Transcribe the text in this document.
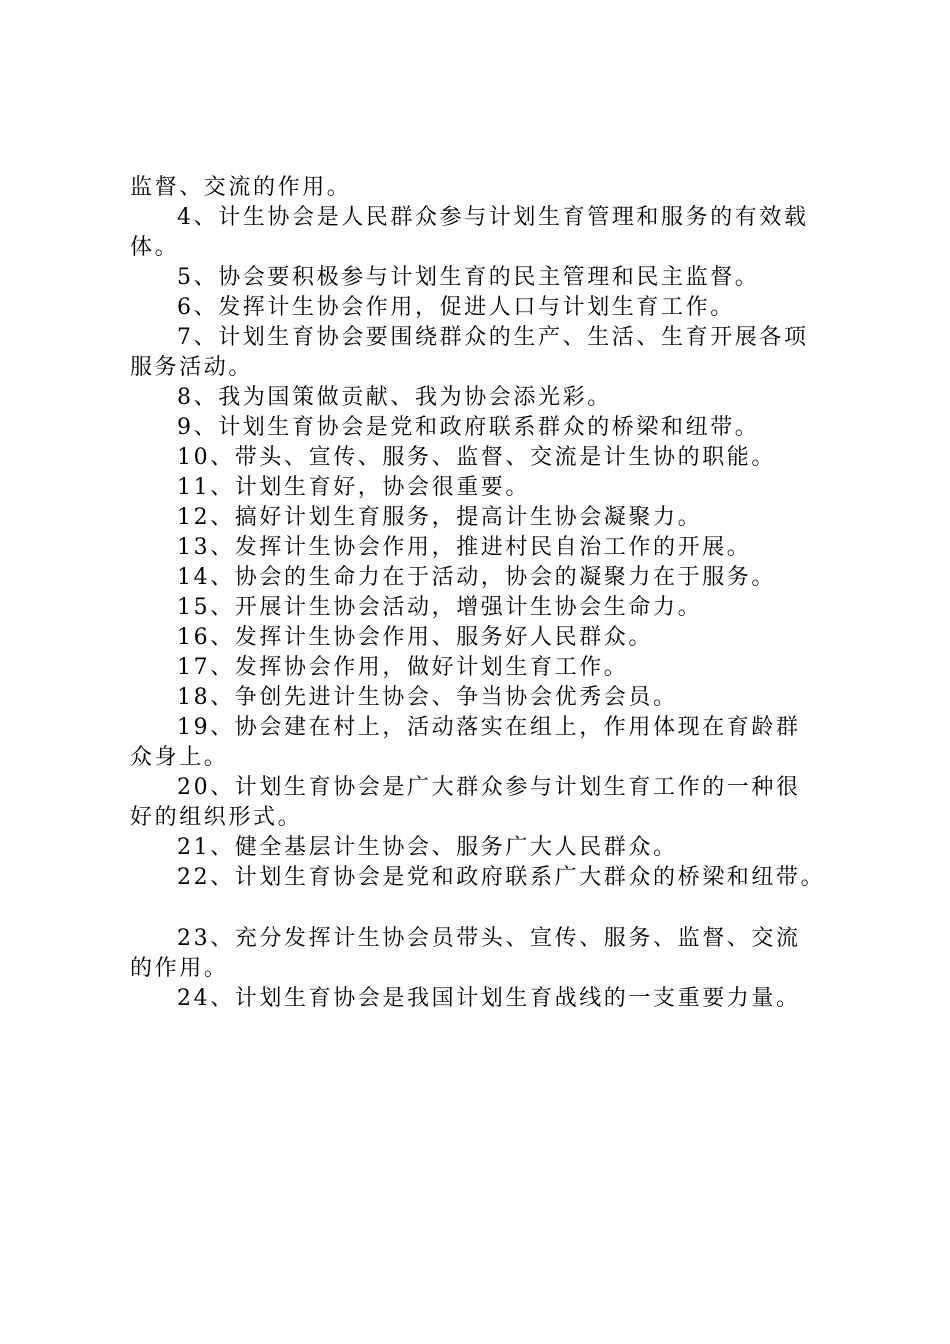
监督、交流的作用。
4、计生协会是人民群众参与计划生育管理和服务的有效载
体。
5、协会要积极参与计划生育的民主管理和民主监督。
6、发挥计生协会作用，促进人口与计划生育工作。
7、计划生育协会要围绕群众的生产、生活、生育开展各项
服务活动。
8、我为国策做贡献、我为协会添光彩。
9、计划生育协会是党和政府联系群众的桥梁和纽带。
10、带头、宣传、服务、监督、交流是计生协的职能。
11、计划生育好，协会很重要。
12、搞好计划生育服务，提高计生协会凝聚力。
13、发挥计生协会作用，推进村民自治工作的开展。
14、协会的生命力在于活动，协会的凝聚力在于服务。
15、开展计生协会活动，增强计生协会生命力。
16、发挥计生协会作用、服务好人民群众。
17、发挥协会作用，做好计划生育工作。
18、争创先进计生协会、争当协会优秀会员。
19、协会建在村上，活动落实在组上，作用体现在育龄群
众身上。
20、计划生育协会是广大群众参与计划生育工作的一种很
好的组织形式。
21、健全基层计生协会、服务广大人民群众。
22、计划生育协会是党和政府联系广大群众的桥梁和纽带。
23、充分发挥计生协会员带头、宣传、服务、监督、交流
的作用。
24、计划生育协会是我国计划生育战线的一支重要力量。
